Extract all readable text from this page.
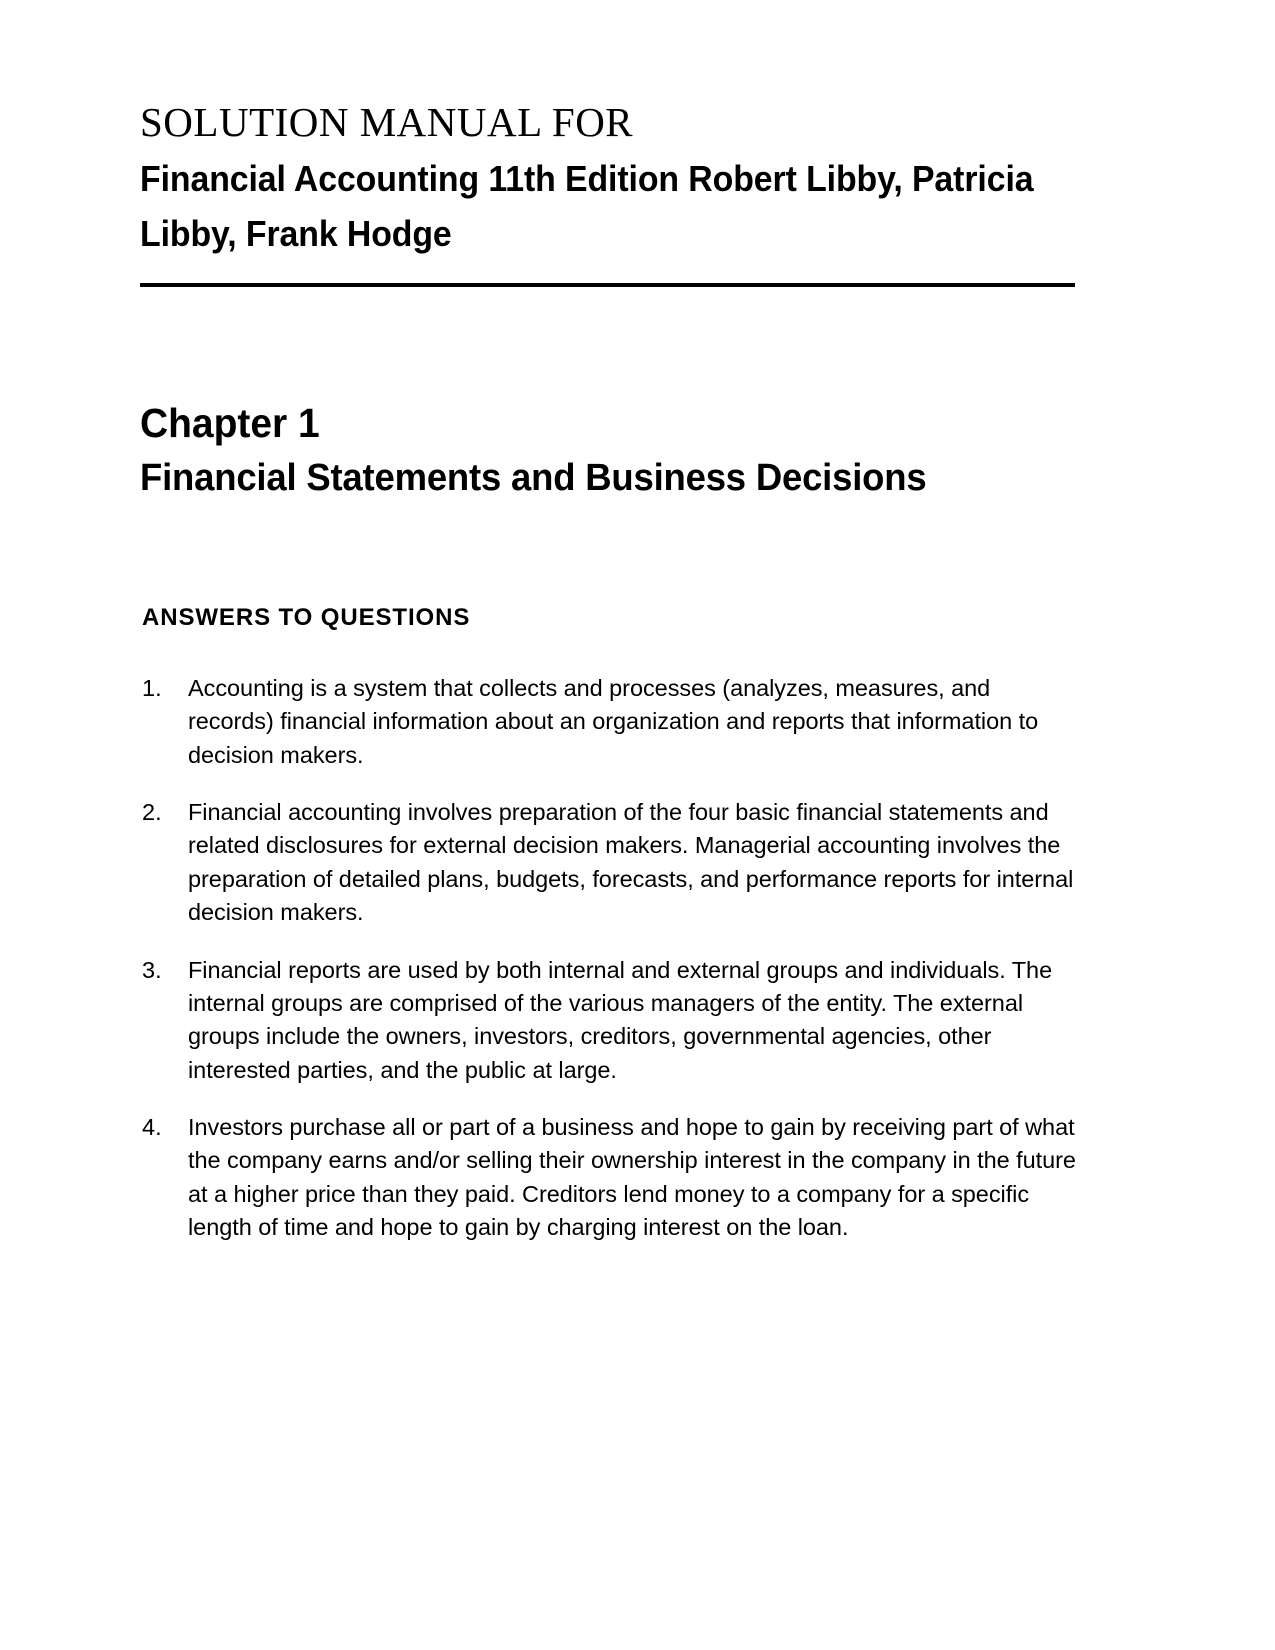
SOLUTION MANUAL FOR
Financial Accounting 11th Edition Robert Libby, Patricia Libby, Frank Hodge
Chapter 1
Financial Statements and Business Decisions
ANSWERS TO QUESTIONS
1.	Accounting is a system that collects and processes (analyzes, measures, and records) financial information about an organization and reports that information to decision makers.
2.	Financial accounting involves preparation of the four basic financial statements and related disclosures for external decision makers. Managerial accounting involves the preparation of detailed plans, budgets, forecasts, and performance reports for internal decision makers.
3.	Financial reports are used by both internal and external groups and individuals. The internal groups are comprised of the various managers of the entity. The external groups include the owners, investors, creditors, governmental agencies, other interested parties, and the public at large.
4.	Investors purchase all or part of a business and hope to gain by receiving part of what the company earns and/or selling their ownership interest in the company in the future at a higher price than they paid. Creditors lend money to a company for a specific length of time and hope to gain by charging interest on the loan.
